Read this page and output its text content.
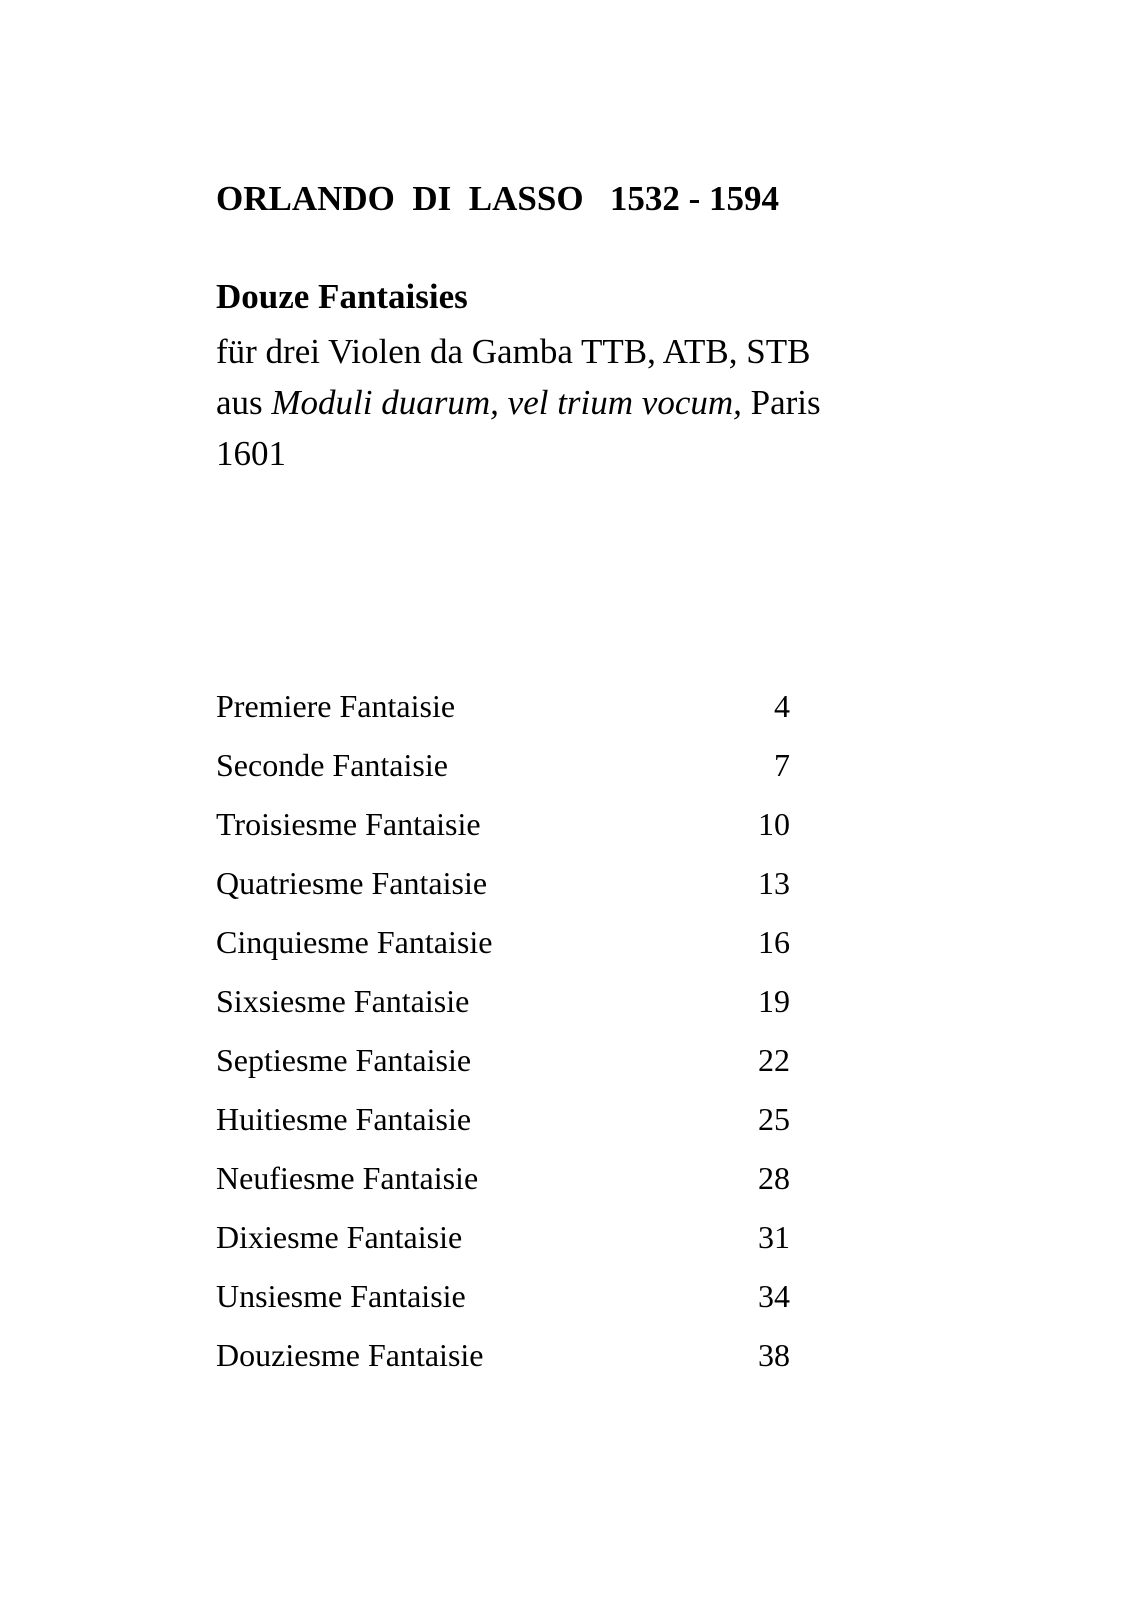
ORLANDO  DI  LASSO   1532 - 1594
Douze Fantaisies
für drei Violen da Gamba TTB, ATB, STB
aus Moduli duarum, vel trium vocum, Paris
1601
Premiere Fantaisie	4
Seconde Fantaisie	7
Troisiesme Fantaisie	10
Quatriesme Fantaisie	13
Cinquiesme Fantaisie	16
Sixsiesme Fantaisie	19
Septiesme Fantaisie	22
Huitiesme Fantaisie	25
Neufiesme Fantaisie	28
Dixiesme Fantaisie	31
Unsiesme Fantaisie	34
Douziesme Fantaisie	38
